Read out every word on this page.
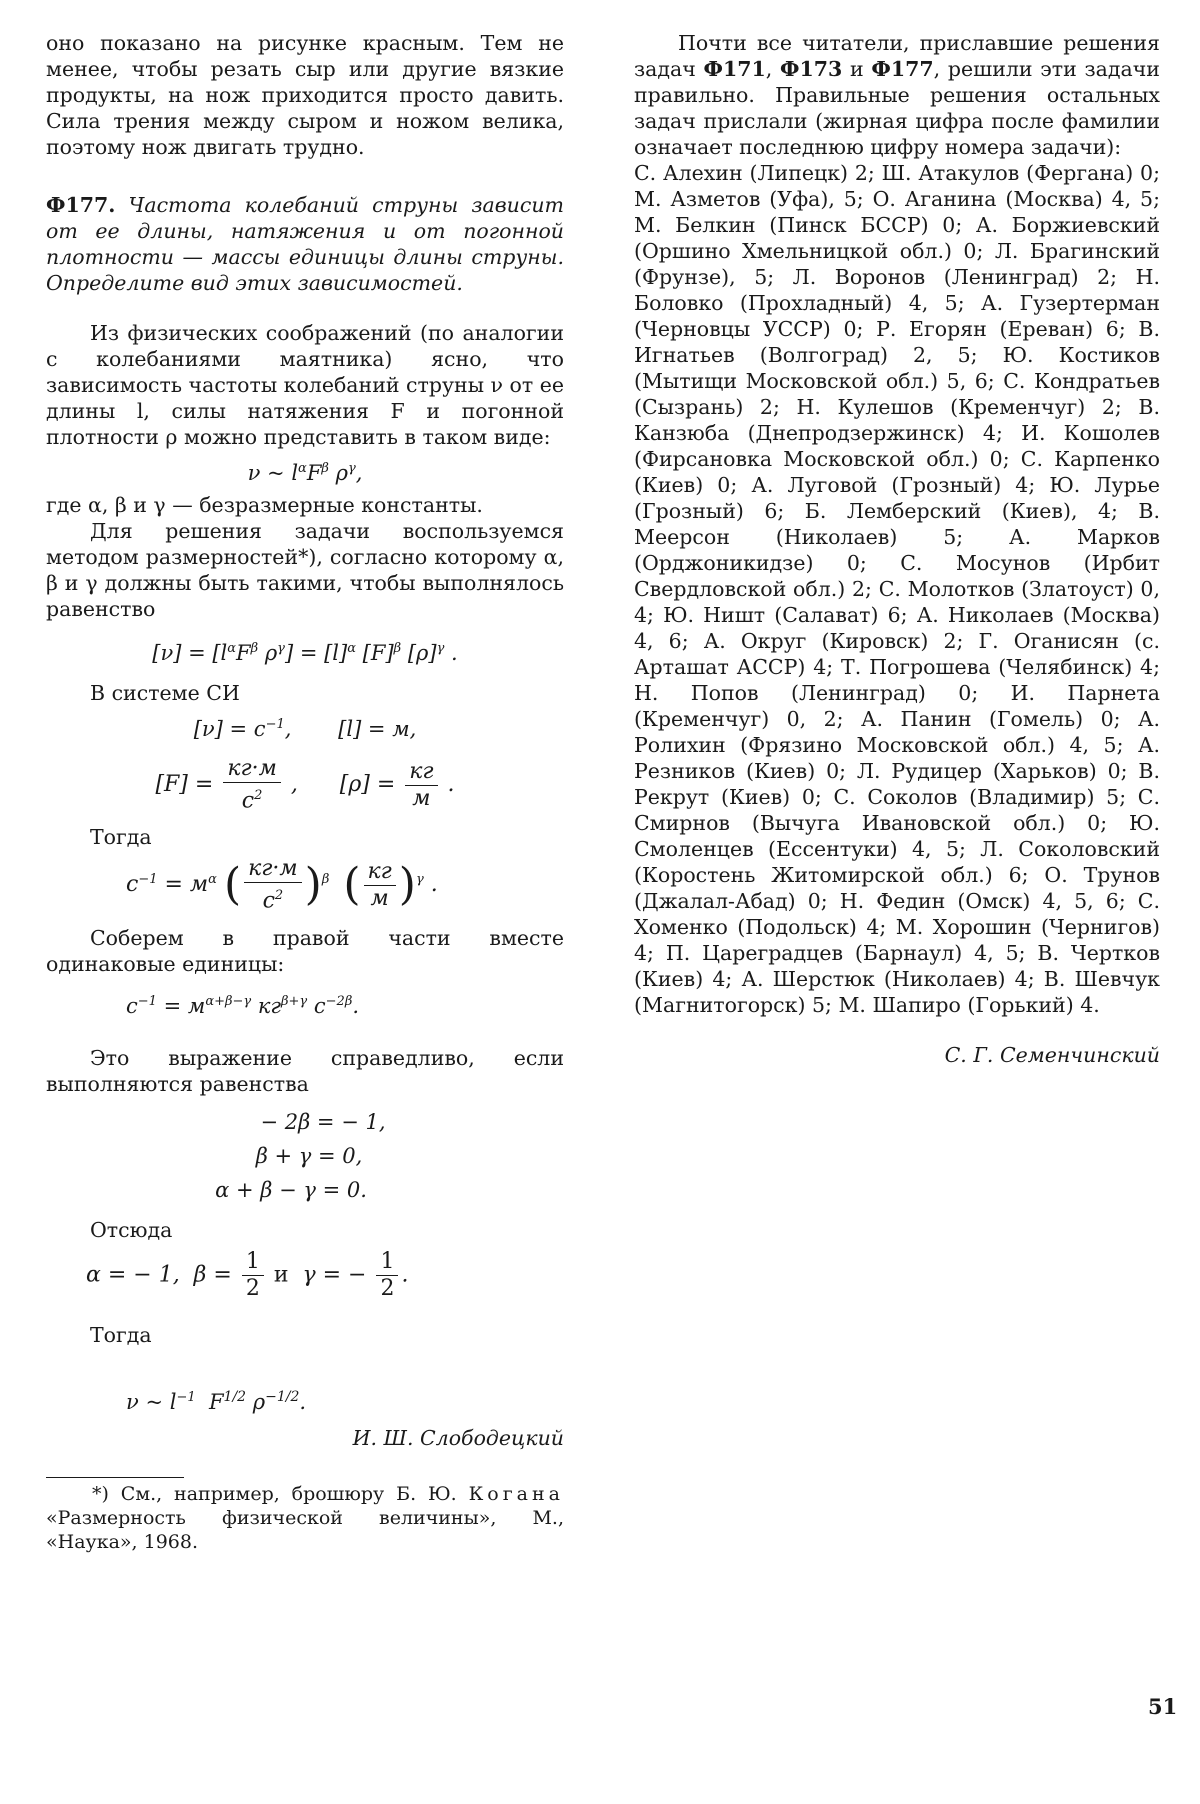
оно показано на рисунке красным. Тем не менее, чтобы резать сыр или другие вязкие продукты, на нож приходится просто давить. Сила трения между сыром и ножом велика, поэтому нож двигать трудно.

Ф177. Частота колебаний струны зависит от ее длины, натяжения и от погонной плотности — массы единицы длины струны. Определите вид этих зависимостей.

Из физических соображений (по аналогии с колебаниями маятника) ясно, что зависимость частоты колебаний струны ν от ее длины l, силы натяжения F и погонной плотности ρ можно представить в таком виде:

ν ~ $l^\alpha F^\beta$ $\rho^\gamma$,

где α, β и γ — безразмерные константы.

Для решения задачи воспользуемся методом размерностей*), согласно которому α, β и γ должны быть такими, чтобы выполнялось равенство

$[\nu] = [l^\alpha F^\beta$ $\rho^\gamma] = [l]^\alpha$ $[F]^\beta$ $[\rho]^\gamma$ .

В системе СИ

$[\nu] = c^{-1}$,       [l] = м,
$[F] = \frac{кг\cdot м}{c^2}$ ,      $[\rho] = \frac{кг}{м}$ .

Тогда

$c^{-1} = м^\alpha$ ( $\frac{кг\cdot м}{c^2} )^\beta$ ( $\frac{кг}{м} )^\gamma$ .

Соберем в правой части вместе одинаковые единицы:

$c^{-1} = м^{\alpha+\beta-\gamma}$ $кг^{\beta+\gamma}$ $c^{-2\beta}$.

Это выражение справедливо, если выполняются равенства

− 2β = − 1,
β + γ = 0,
α + β − γ = 0.

Отсюда

α = − 1,  $\beta = \frac{1}{2}$ и  γ = − $\frac{1}{2}$ .

Тогда

ν ~ $l^{-1}$ $F^{1/2}$ $\rho^{-1/2}$.

И. Ш. Слободецкий

*) См., например, брошюру Б. Ю. Когана «Размерность физической величины», М., «Наука», 1968.

Почти все читатели, приславшие решения задач Ф171, Ф173 и Ф177, решили эти задачи правильно. Правильные решения остальных задач прислали (жирная цифра после фамилии означает последнюю цифру номера задачи):

С. Алехин (Липецк) 2; Ш. Атакулов (Фергана) 0; М. Азметов (Уфа), 5; О. Аганина (Москва) 4, 5; М. Белкин (Пинск БССР) 0; А. Боржиевский (Оршино Хмельницкой обл.) 0; Л. Брагинский (Фрунзе), 5; Л. Воронов (Ленинград) 2; Н. Боловко (Прохладный) 4, 5; А. Гузертерман (Черновцы УССР) 0; Р. Егорян (Ереван) 6; В. Игнатьев (Волгоград) 2, 5; Ю. Костиков (Мытищи Московской обл.) 5, 6; С. Кондратьев (Сызрань) 2; Н. Кулешов (Кременчуг) 2; В. Канзюба (Днепродзержинск) 4; И. Кошолев (Фирсановка Московской обл.) 0; С. Карпенко (Киев) 0; А. Луговой (Грозный) 4; Ю. Лурье (Грозный) 6; Б. Лемберский (Киев), 4; В. Меерсон (Николаев) 5; А. Марков (Орджоникидзе) 0; С. Мосунов (Ирбит Свердловской обл.) 2; С. Молотков (Златоуст) 0, 4; Ю. Ништ (Салават) 6; А. Николаев (Москва) 4, 6; А. Округ (Кировск) 2; Г. Оганисян (с. Арташат АССР) 4; Т. Погрошева (Челябинск) 4; Н. Попов (Ленинград) 0; И. Парнета (Кременчуг) 0, 2; А. Панин (Гомель) 0; А. Ролихин (Фрязино Московской обл.) 4, 5; А. Резников (Киев) 0; Л. Рудицер (Харьков) 0; В. Рекрут (Киев) 0; С. Соколов (Владимир) 5; С. Смирнов (Вычуга Ивановской обл.) 0; Ю. Смоленцев (Ессентуки) 4, 5; Л. Соколовский (Коростень Житомирской обл.) 6; О. Трунов (Джалал-Абад) 0; Н. Федин (Омск) 4, 5, 6; С. Хоменко (Подольск) 4; М. Хорошин (Чернигов) 4; П. Цареградцев (Барнаул) 4, 5; В. Чертков (Киев) 4; А. Шерстюк (Николаев) 4; В. Шевчук (Магнитогорск) 5; М. Шапиро (Горький) 4.

С. Г. Семенчинский

51
